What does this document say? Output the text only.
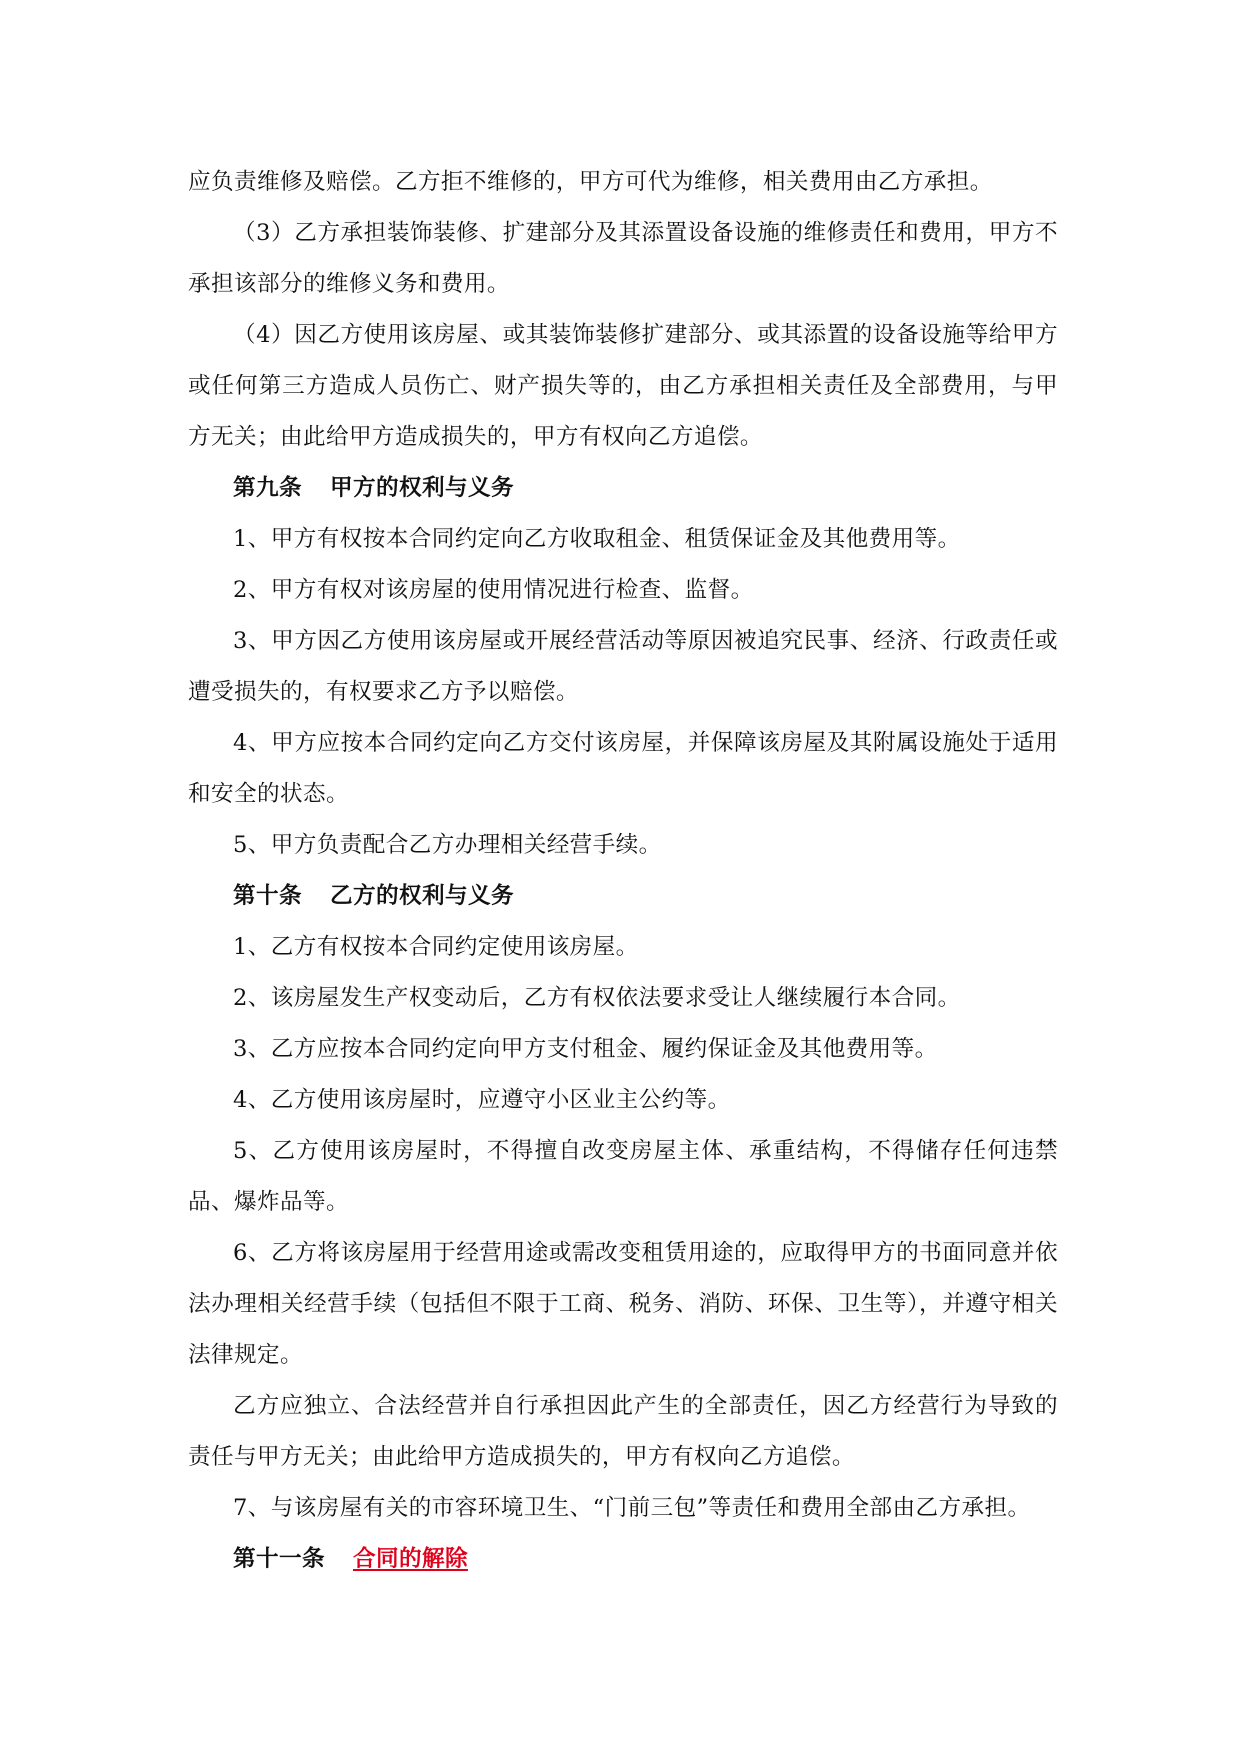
应负责维修及赔偿。乙方拒不维修的，甲方可代为维修，相关费用由乙方承担。

（3）乙方承担装饰装修、扩建部分及其添置设备设施的维修责任和费用，甲方不承担该部分的维修义务和费用。

（4）因乙方使用该房屋、或其装饰装修扩建部分、或其添置的设备设施等给甲方或任何第三方造成人员伤亡、财产损失等的，由乙方承担相关责任及全部费用，与甲方无关；由此给甲方造成损失的，甲方有权向乙方追偿。

第九条 甲方的权利与义务

1、甲方有权按本合同约定向乙方收取租金、租赁保证金及其他费用等。

2、甲方有权对该房屋的使用情况进行检查、监督。

3、甲方因乙方使用该房屋或开展经营活动等原因被追究民事、经济、行政责任或遭受损失的，有权要求乙方予以赔偿。

4、甲方应按本合同约定向乙方交付该房屋，并保障该房屋及其附属设施处于适用和安全的状态。

5、甲方负责配合乙方办理相关经营手续。

第十条 乙方的权利与义务

1、乙方有权按本合同约定使用该房屋。

2、该房屋发生产权变动后，乙方有权依法要求受让人继续履行本合同。

3、乙方应按本合同约定向甲方支付租金、履约保证金及其他费用等。

4、乙方使用该房屋时，应遵守小区业主公约等。

5、乙方使用该房屋时，不得擅自改变房屋主体、承重结构，不得储存任何违禁品、爆炸品等。

6、乙方将该房屋用于经营用途或需改变租赁用途的，应取得甲方的书面同意并依法办理相关经营手续（包括但不限于工商、税务、消防、环保、卫生等），并遵守相关法律规定。

乙方应独立、合法经营并自行承担因此产生的全部责任，因乙方经营行为导致的责任与甲方无关；由此给甲方造成损失的，甲方有权向乙方追偿。

7、与该房屋有关的市容环境卫生、“门前三包”等责任和费用全部由乙方承担。

第十一条 合同的解除
